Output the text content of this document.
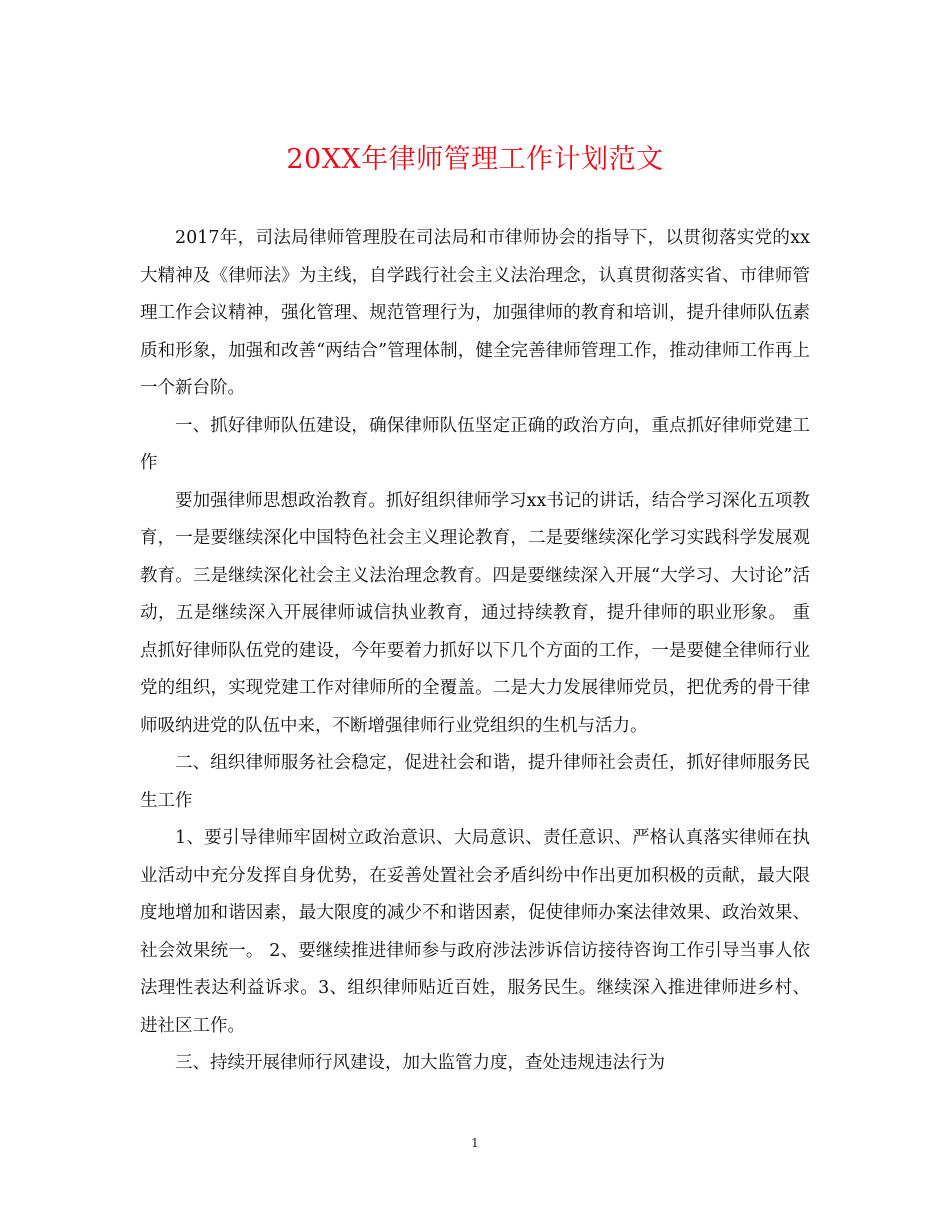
20XX年律师管理工作计划范文

2017年，司法局律师管理股在司法局和市律师协会的指导下，以贯彻落实党的xx大精神及《律师法》为主线，自学践行社会主义法治理念，认真贯彻落实省、市律师管理工作会议精神，强化管理、规范管理行为，加强律师的教育和培训，提升律师队伍素质和形象，加强和改善“两结合”管理体制，健全完善律师管理工作，推动律师工作再上一个新台阶。

一、抓好律师队伍建设，确保律师队伍坚定正确的政治方向，重点抓好律师党建工作

要加强律师思想政治教育。抓好组织律师学习xx书记的讲话，结合学习深化五项教育，一是要继续深化中国特色社会主义理论教育，二是要继续深化学习实践科学发展观教育。三是继续深化社会主义法治理念教育。四是要继续深入开展“大学习、大讨论”活动，五是继续深入开展律师诚信执业教育，通过持续教育，提升律师的职业形象。 重点抓好律师队伍党的建设，今年要着力抓好以下几个方面的工作，一是要健全律师行业党的组织，实现党建工作对律师所的全覆盖。二是大力发展律师党员，把优秀的骨干律师吸纳进党的队伍中来，不断增强律师行业党组织的生机与活力。

二、组织律师服务社会稳定，促进社会和谐，提升律师社会责任，抓好律师服务民生工作

1、要引导律师牢固树立政治意识、大局意识、责任意识、严格认真落实律师在执业活动中充分发挥自身优势，在妥善处置社会矛盾纠纷中作出更加积极的贡献，最大限度地增加和谐因素，最大限度的减少不和谐因素，促使律师办案法律效果、政治效果、社会效果统一。 2、要继续推进律师参与政府涉法涉诉信访接待咨询工作引导当事人依法理性表达利益诉求。3、组织律师贴近百姓，服务民生。继续深入推进律师进乡村、进社区工作。

三、持续开展律师行风建设，加大监管力度，查处违规违法行为

1
